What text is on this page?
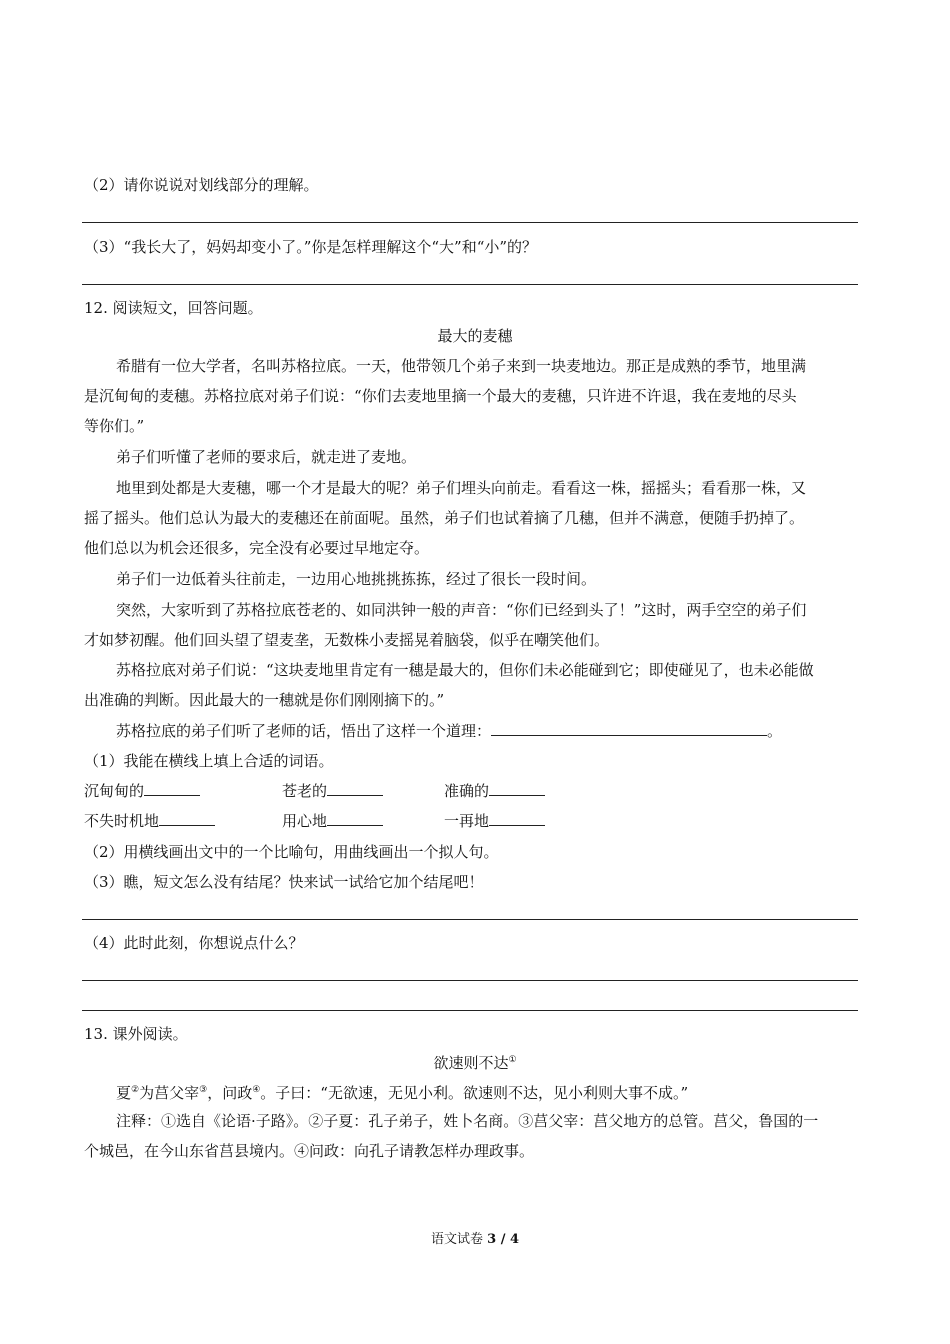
（2）请你说说对划线部分的理解。
（3）“我长大了，妈妈却变小了。”你是怎样理解这个“大”和“小”的？
12. 阅读短文，回答问题。
最大的麦穗
希腊有一位大学者，名叫苏格拉底。一天，他带领几个弟子来到一块麦地边。那正是成熟的季节，地里满
是沉甸甸的麦穗。苏格拉底对弟子们说：“你们去麦地里摘一个最大的麦穗，只许进不许退，我在麦地的尽头
等你们。”
弟子们听懂了老师的要求后，就走进了麦地。
地里到处都是大麦穗，哪一个才是最大的呢？弟子们埋头向前走。看看这一株，摇摇头；看看那一株，又
摇了摇头。他们总认为最大的麦穗还在前面呢。虽然，弟子们也试着摘了几穗，但并不满意，便随手扔掉了。
他们总以为机会还很多，完全没有必要过早地定夺。
弟子们一边低着头往前走，一边用心地挑挑拣拣，经过了很长一段时间。
突然，大家听到了苏格拉底苍老的、如同洪钟一般的声音：“你们已经到头了！”这时，两手空空的弟子们
才如梦初醒。他们回头望了望麦垄，无数株小麦摇晃着脑袋，似乎在嘲笑他们。
苏格拉底对弟子们说：“这块麦地里肯定有一穗是最大的，但你们未必能碰到它；即使碰见了，也未必能做
出准确的判断。因此最大的一穗就是你们刚刚摘下的。”
苏格拉底的弟子们听了老师的话，悟出了这样一个道理：	。
（1）我能在横线上填上合适的词语。
沉甸甸的	苍老的	准确的
不失时机地	用心地	一再地
（2）用横线画出文中的一个比喻句，用曲线画出一个拟人句。
（3）瞧，短文怎么没有结尾？快来试一试给它加个结尾吧！
（4）此时此刻，你想说点什么？
13. 课外阅读。
欲速则不达①
夏②为莒父宰③，问政④。子曰：“无欲速，无见小利。欲速则不达，见小利则大事不成。”
注释：①选自《论语·子路》。②子夏：孔子弟子，姓卜名商。③莒父宰：莒父地方的总管。莒父，鲁国的一
个城邑，在今山东省莒县境内。④问政：向孔子请教怎样办理政事。
语文试卷 3 / 4
